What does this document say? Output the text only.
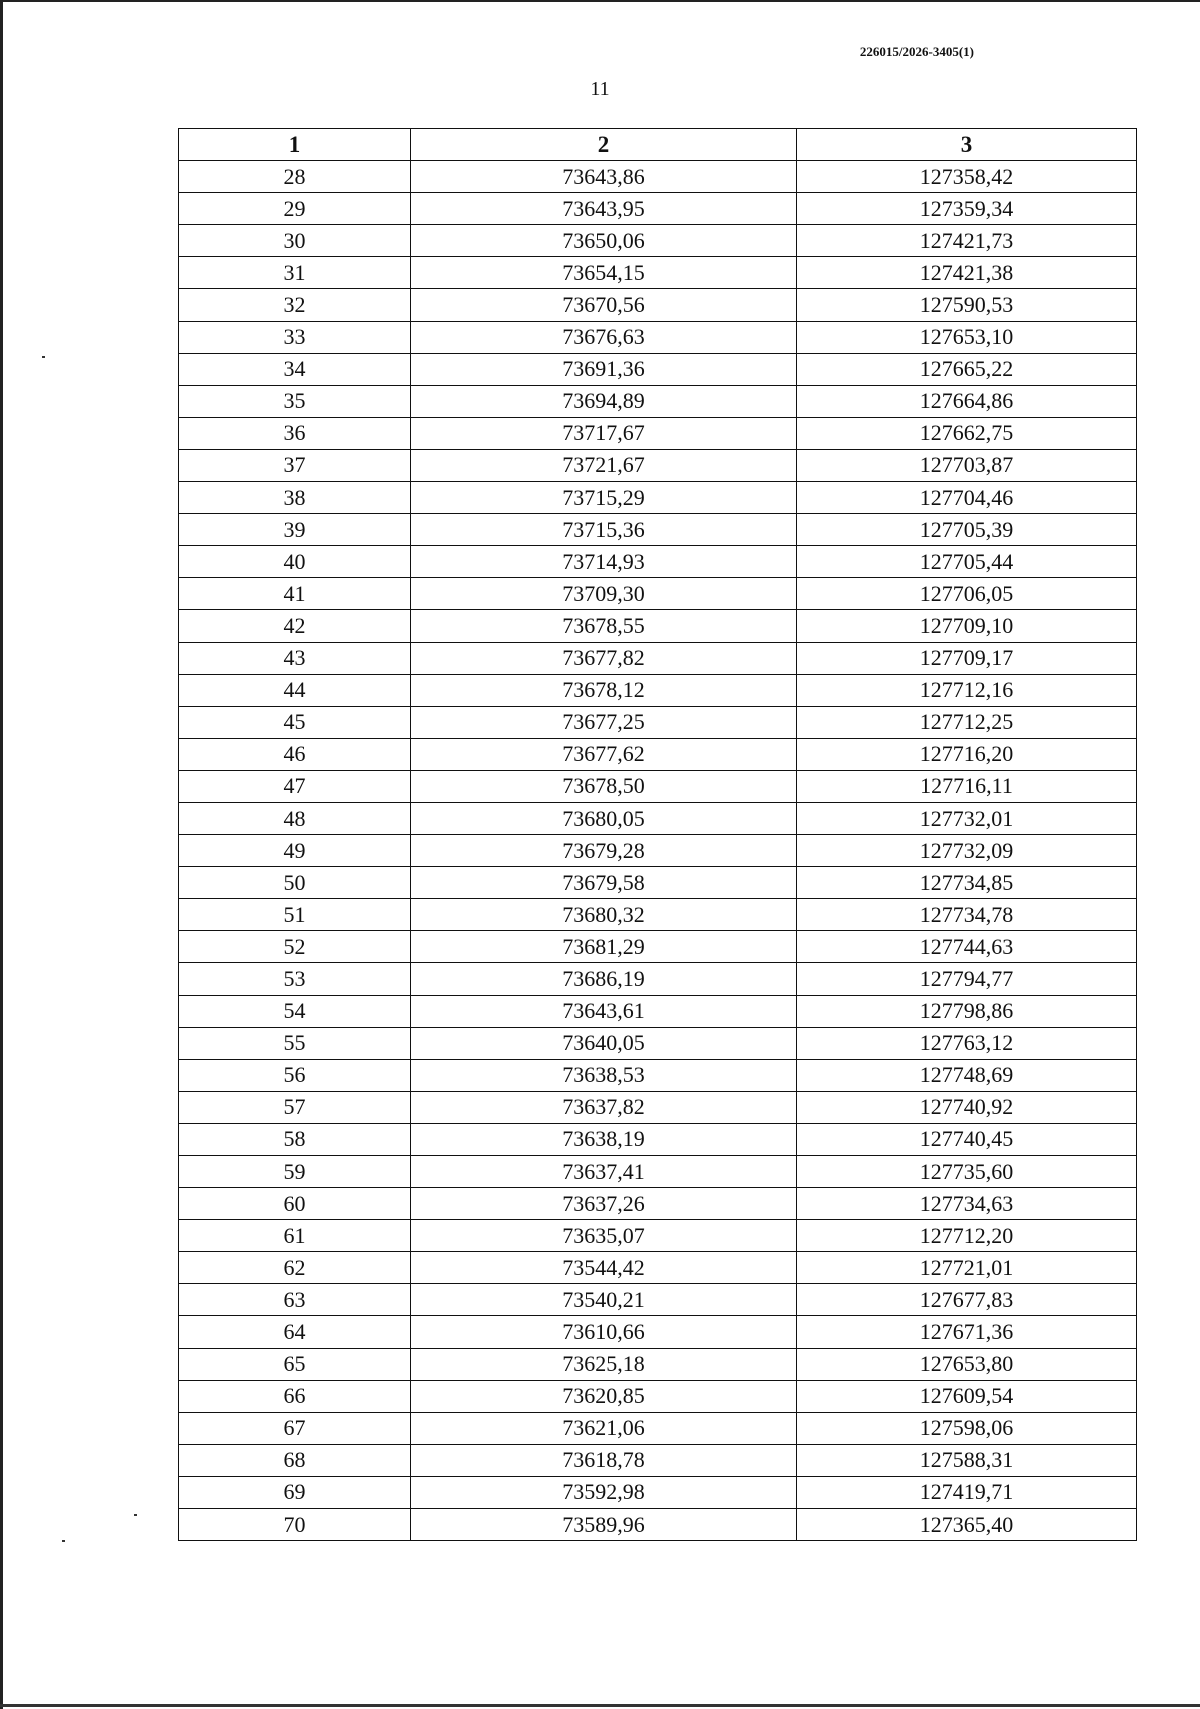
226015/2026-3405(1)
11
1	2	3
28	73643,86	127358,42
29	73643,95	127359,34
30	73650,06	127421,73
31	73654,15	127421,38
32	73670,56	127590,53
33	73676,63	127653,10
34	73691,36	127665,22
35	73694,89	127664,86
36	73717,67	127662,75
37	73721,67	127703,87
38	73715,29	127704,46
39	73715,36	127705,39
40	73714,93	127705,44
41	73709,30	127706,05
42	73678,55	127709,10
43	73677,82	127709,17
44	73678,12	127712,16
45	73677,25	127712,25
46	73677,62	127716,20
47	73678,50	127716,11
48	73680,05	127732,01
49	73679,28	127732,09
50	73679,58	127734,85
51	73680,32	127734,78
52	73681,29	127744,63
53	73686,19	127794,77
54	73643,61	127798,86
55	73640,05	127763,12
56	73638,53	127748,69
57	73637,82	127740,92
58	73638,19	127740,45
59	73637,41	127735,60
60	73637,26	127734,63
61	73635,07	127712,20
62	73544,42	127721,01
63	73540,21	127677,83
64	73610,66	127671,36
65	73625,18	127653,80
66	73620,85	127609,54
67	73621,06	127598,06
68	73618,78	127588,31
69	73592,98	127419,71
70	73589,96	127365,40
